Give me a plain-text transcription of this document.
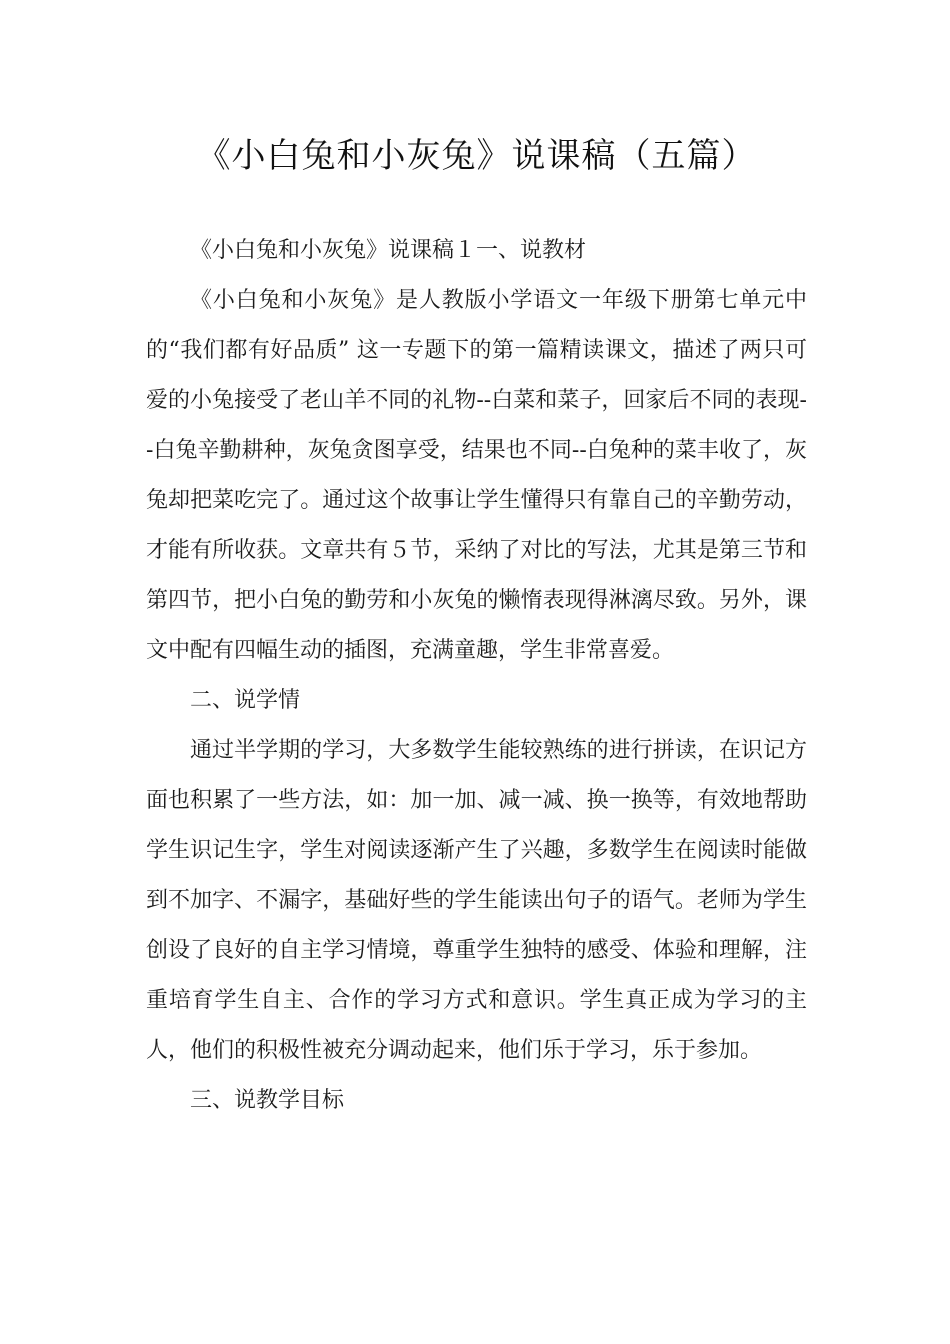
《小白兔和小灰兔》说课稿（五篇）

《小白兔和小灰兔》说课稿１一、说教材

《小白兔和小灰兔》是人教版小学语文一年级下册第七单元中的“我们都有好品质” 这一专题下的第一篇精读课文，描述了两只可爱的小兔接受了老山羊不同的礼物--白菜和菜子，回家后不同的表现--白兔辛勤耕种，灰兔贪图享受，结果也不同--白兔种的菜丰收了，灰兔却把菜吃完了。通过这个故事让学生懂得只有靠自己的辛勤劳动，才能有所收获。文章共有５节，采纳了对比的写法，尤其是第三节和第四节，把小白兔的勤劳和小灰兔的懒惰表现得淋漓尽致。另外，课文中配有四幅生动的插图，充满童趣，学生非常喜爱。

二、说学情

通过半学期的学习，大多数学生能较熟练的进行拼读，在识记方面也积累了一些方法，如：加一加、减一减、换一换等，有效地帮助学生识记生字，学生对阅读逐渐产生了兴趣，多数学生在阅读时能做到不加字、不漏字，基础好些的学生能读出句子的语气。老师为学生创设了良好的自主学习情境，尊重学生独特的感受、体验和理解，注重培育学生自主、合作的学习方式和意识。学生真正成为学习的主人，他们的积极性被充分调动起来，他们乐于学习，乐于参加。

三、说教学目标
